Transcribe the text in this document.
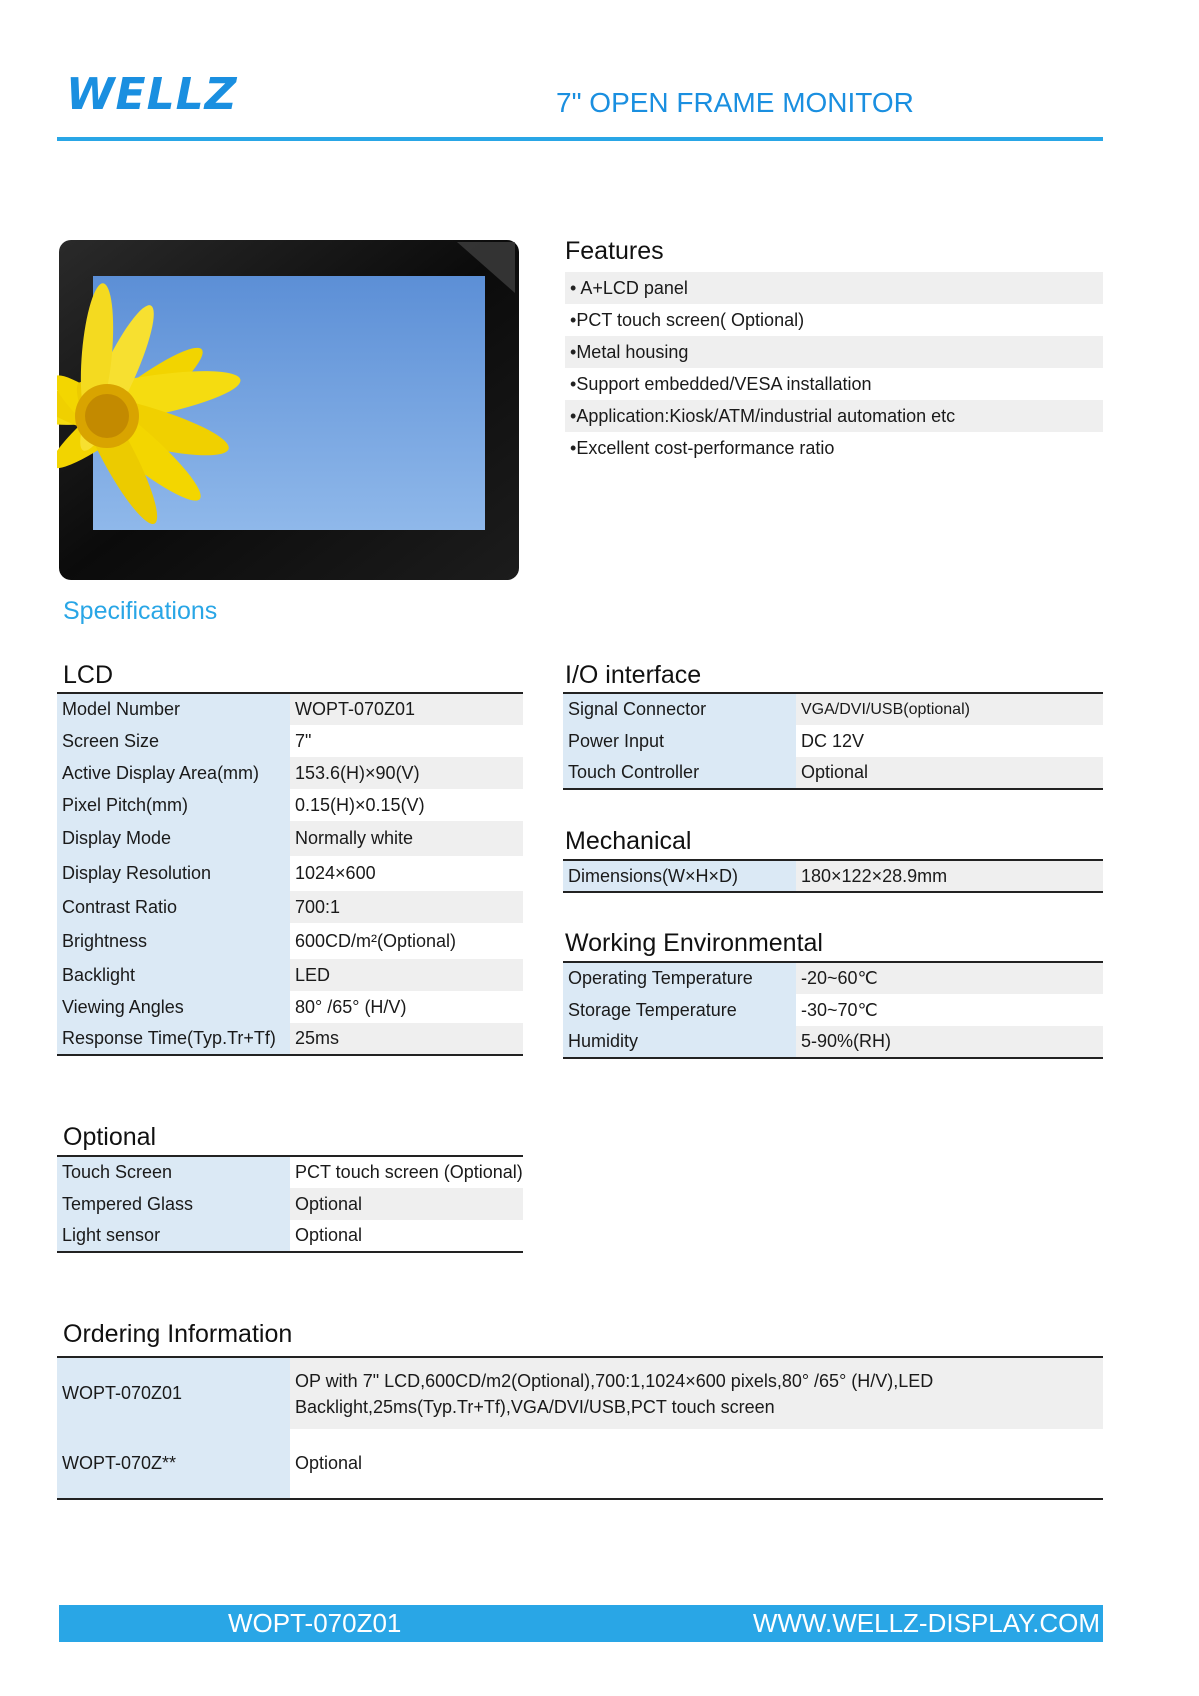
WELLZ	7" OPEN FRAME MONITOR
Features
• A+LCD panel
•PCT touch screen( Optional)
•Metal housing
•Support embedded/VESA installation
•Application:Kiosk/ATM/industrial automation etc
•Excellent cost-performance ratio
Specifications
LCD
Model Number	WOPT-070Z01
Screen Size	7"
Active Display Area(mm)	153.6(H)×90(V)
Pixel Pitch(mm)	0.15(H)×0.15(V)
Display Mode	Normally white
Display Resolution	1024×600
Contrast Ratio	700:1
Brightness	600CD/m²(Optional)
Backlight	LED
Viewing Angles	80° /65° (H/V)
Response Time(Typ.Tr+Tf)	25ms
I/O interface
Signal Connector	VGA/DVI/USB(optional)
Power Input	DC 12V
Touch Controller	Optional
Mechanical
Dimensions(W×H×D)	180×122×28.9mm
Working Environmental
Operating Temperature	-20~60℃
Storage Temperature	-30~70℃
Humidity	5-90%(RH)
Optional
Touch Screen	PCT touch screen (Optional)
Tempered Glass	Optional
Light sensor	Optional
Ordering Information
WOPT-070Z01	OP with 7" LCD,600CD/m2(Optional),700:1,1024×600 pixels,80° /65° (H/V),LED
Backlight,25ms(Typ.Tr+Tf),VGA/DVI/USB,PCT touch screen

WOPT-070Z**	Optional
WOPT-070Z01	WWW.WELLZ-DISPLAY.COM
